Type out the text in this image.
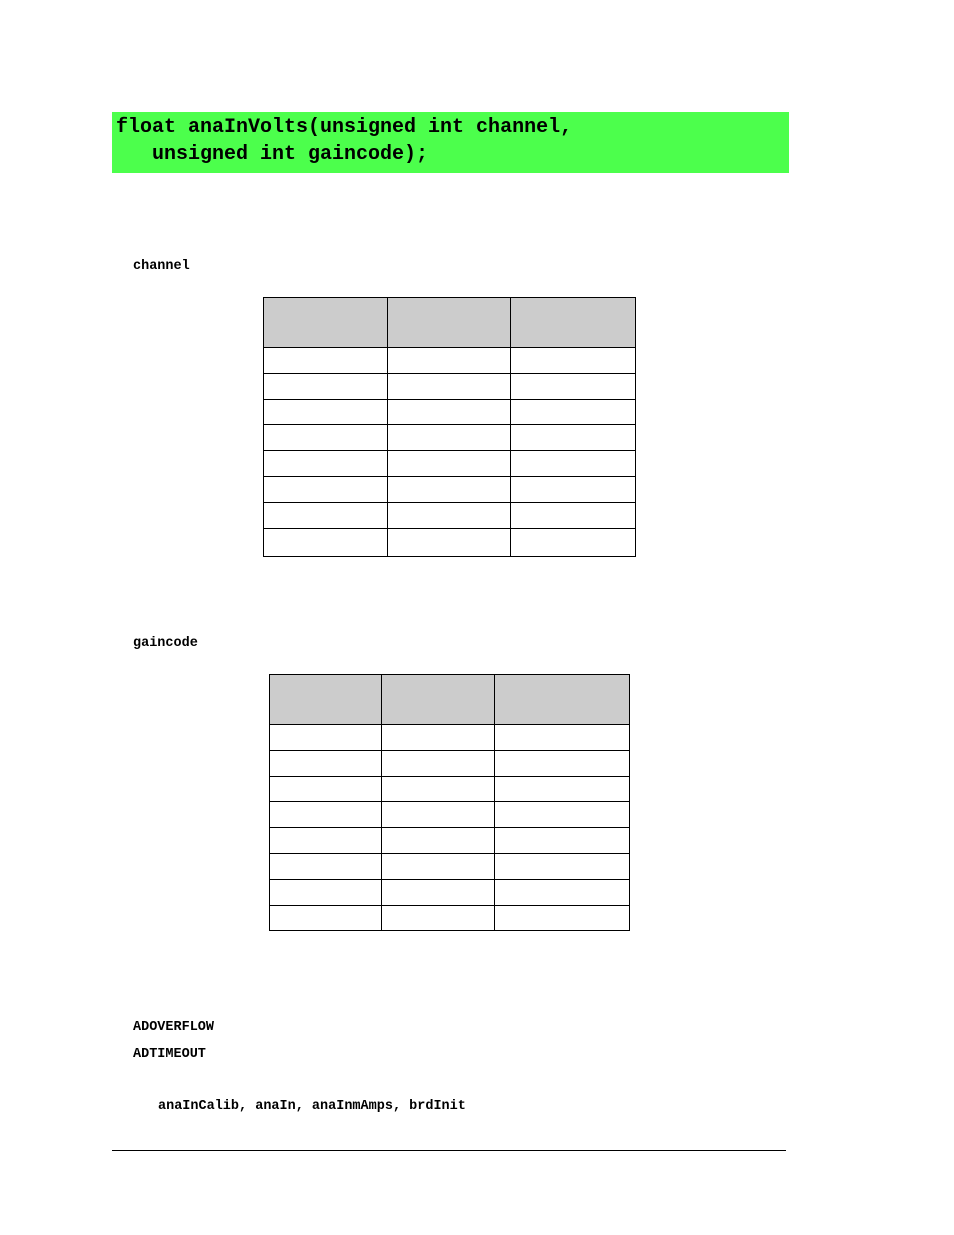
float anaInVolts(unsigned int channel,
unsigned int gaincode);
channel

gaincode

ADOVERFLOW
ADTIMEOUT
anaInCalib, anaIn, anaInmAmps, brdInit
